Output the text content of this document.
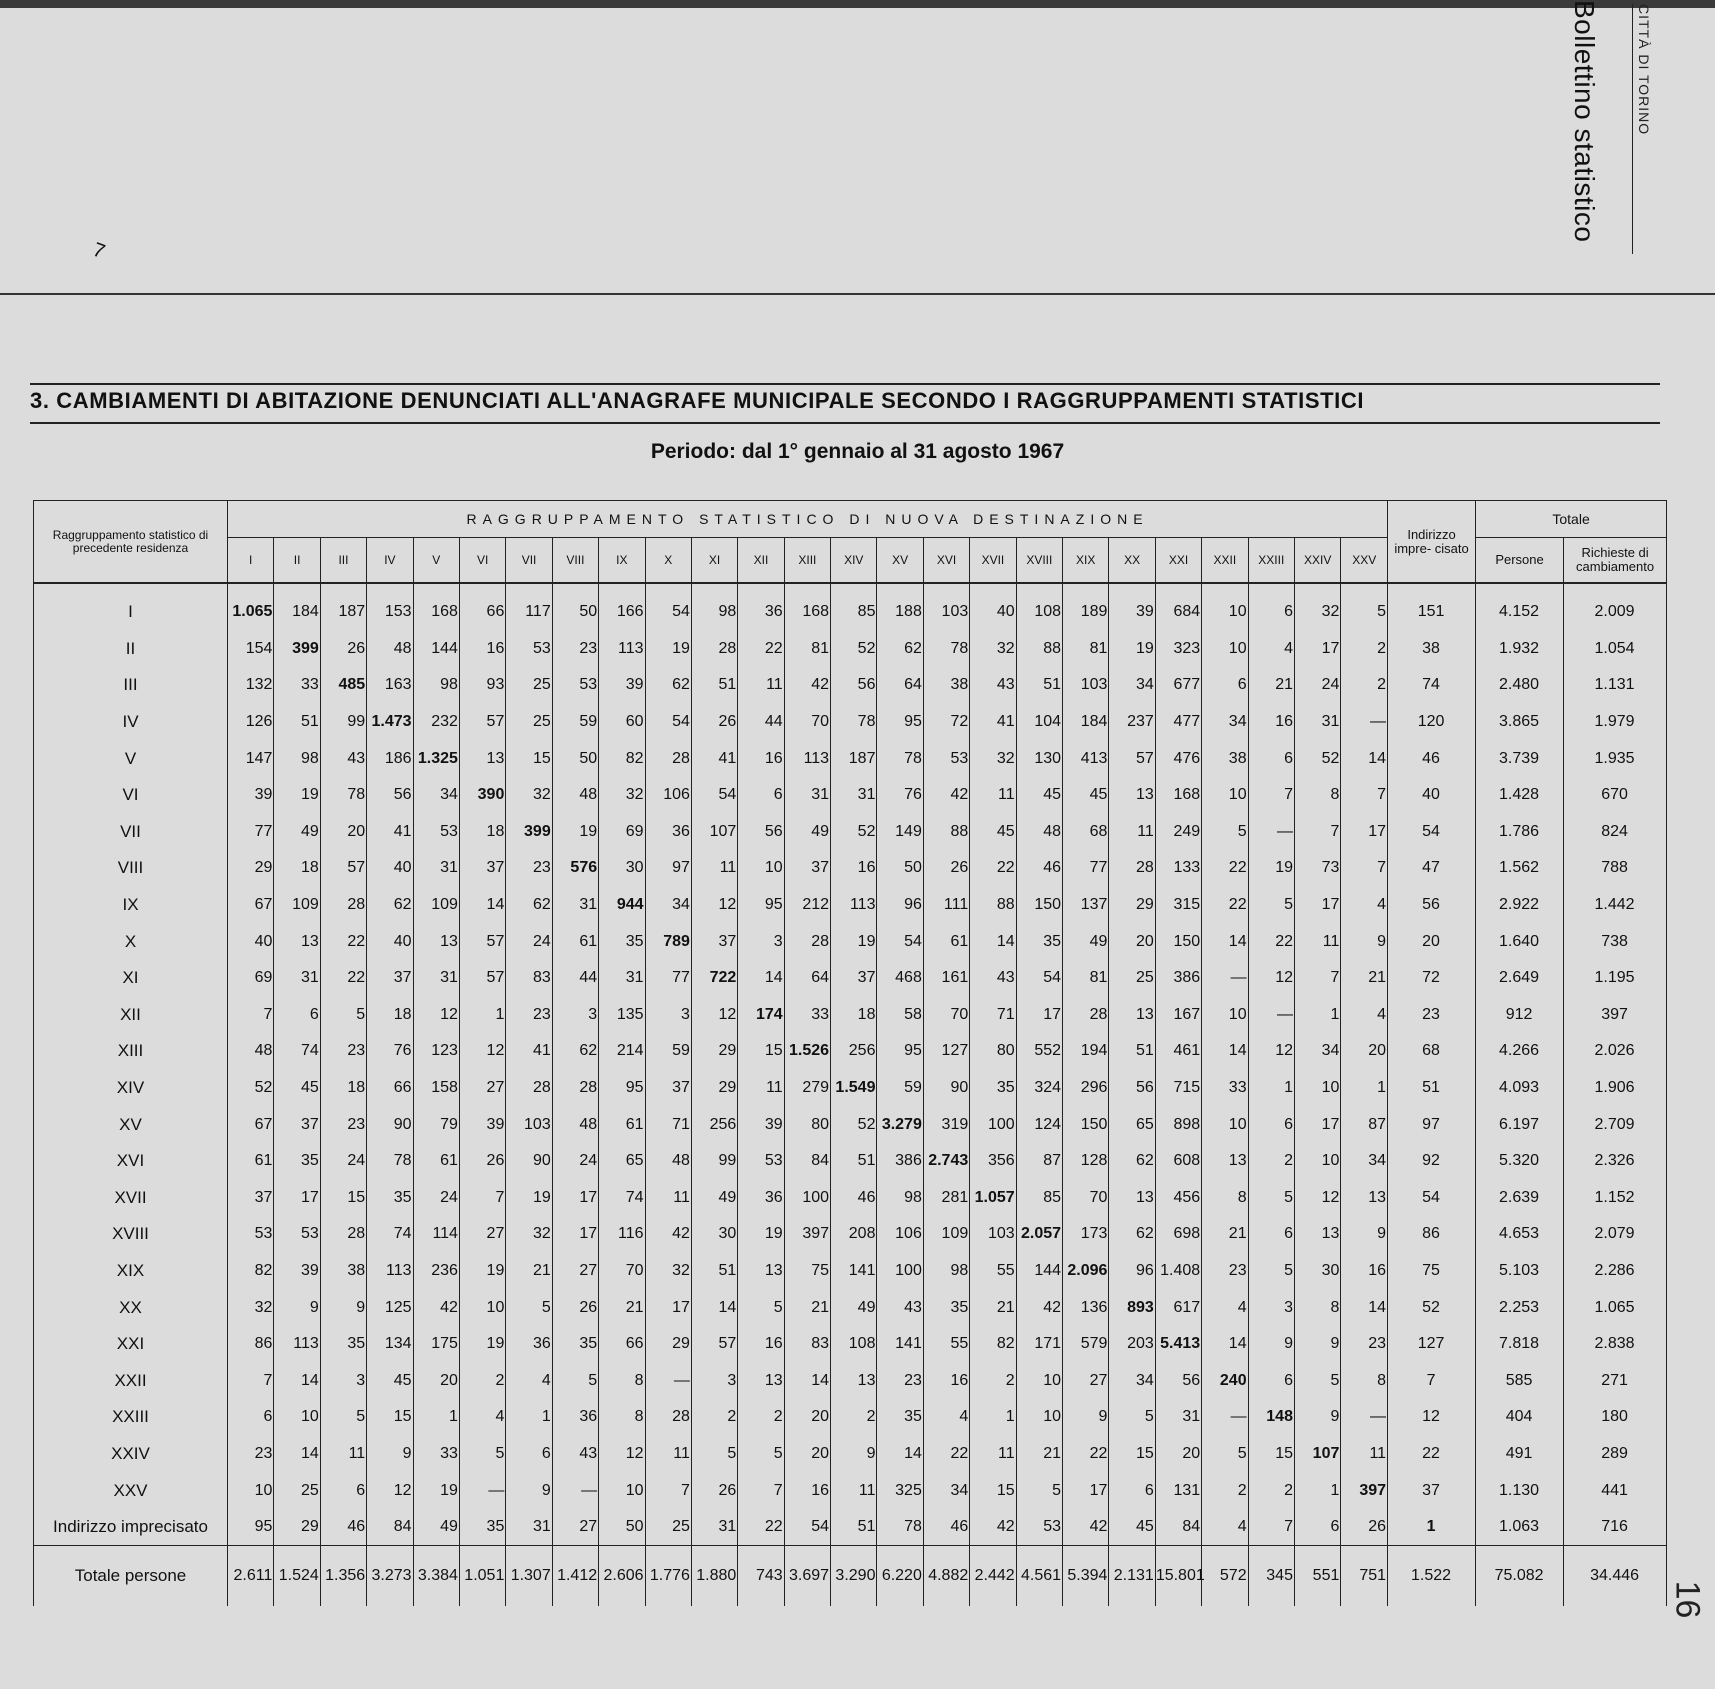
Bollettino statistico	CITTÀ DI TORINO
7
3. CAMBIAMENTI DI ABITAZIONE DENUNCIATI ALL'ANAGRAFE MUNICIPALE SECONDO I RAGGRUPPAMENTI STATISTICI
Periodo: dal 1° gennaio al 31 agosto 1967
Raggruppamento statistico di precedente residenza	RAGGRUPPAMENTO STATISTICO DI NUOVA DESTINAZIONE																									Indirizzo impre- cisato	Totale	
	I	II	III	IV	V	VI	VII	VIII	IX	X	XI	XII	XIII	XIV	XV	XVI	XVII	XVIII	XIX	XX	XXI	XXII	XXIII	XXIV	XXV		Persone	Richieste di cambiamento
I	1.065	184	187	153	168	66	117	50	166	54	98	36	168	85	188	103	40	108	189	39	684	10	6	32	5	151	4.152	2.009
II	154	399	26	48	144	16	53	23	113	19	28	22	81	52	62	78	32	88	81	19	323	10	4	17	2	38	1.932	1.054
III	132	33	485	163	98	93	25	53	39	62	51	11	42	56	64	38	43	51	103	34	677	6	21	24	2	74	2.480	1.131
IV	126	51	99	1.473	232	57	25	59	60	54	26	44	70	78	95	72	41	104	184	237	477	34	16	31	—	120	3.865	1.979
V	147	98	43	186	1.325	13	15	50	82	28	41	16	113	187	78	53	32	130	413	57	476	38	6	52	14	46	3.739	1.935
VI	39	19	78	56	34	390	32	48	32	106	54	6	31	31	76	42	11	45	45	13	168	10	7	8	7	40	1.428	670
VII	77	49	20	41	53	18	399	19	69	36	107	56	49	52	149	88	45	48	68	11	249	5	—	7	17	54	1.786	824
VIII	29	18	57	40	31	37	23	576	30	97	11	10	37	16	50	26	22	46	77	28	133	22	19	73	7	47	1.562	788
IX	67	109	28	62	109	14	62	31	944	34	12	95	212	113	96	111	88	150	137	29	315	22	5	17	4	56	2.922	1.442
X	40	13	22	40	13	57	24	61	35	789	37	3	28	19	54	61	14	35	49	20	150	14	22	11	9	20	1.640	738
XI	69	31	22	37	31	57	83	44	31	77	722	14	64	37	468	161	43	54	81	25	386	—	12	7	21	72	2.649	1.195
XII	7	6	5	18	12	1	23	3	135	3	12	174	33	18	58	70	71	17	28	13	167	10	—	1	4	23	912	397
XIII	48	74	23	76	123	12	41	62	214	59	29	15	1.526	256	95	127	80	552	194	51	461	14	12	34	20	68	4.266	2.026
XIV	52	45	18	66	158	27	28	28	95	37	29	11	279	1.549	59	90	35	324	296	56	715	33	1	10	1	51	4.093	1.906
XV	67	37	23	90	79	39	103	48	61	71	256	39	80	52	3.279	319	100	124	150	65	898	10	6	17	87	97	6.197	2.709
XVI	61	35	24	78	61	26	90	24	65	48	99	53	84	51	386	2.743	356	87	128	62	608	13	2	10	34	92	5.320	2.326
XVII	37	17	15	35	24	7	19	17	74	11	49	36	100	46	98	281	1.057	85	70	13	456	8	5	12	13	54	2.639	1.152
XVIII	53	53	28	74	114	27	32	17	116	42	30	19	397	208	106	109	103	2.057	173	62	698	21	6	13	9	86	4.653	2.079
XIX	82	39	38	113	236	19	21	27	70	32	51	13	75	141	100	98	55	144	2.096	96	1.408	23	5	30	16	75	5.103	2.286
XX	32	9	9	125	42	10	5	26	21	17	14	5	21	49	43	35	21	42	136	893	617	4	3	8	14	52	2.253	1.065
XXI	86	113	35	134	175	19	36	35	66	29	57	16	83	108	141	55	82	171	579	203	5.413	14	9	9	23	127	7.818	2.838
XXII	7	14	3	45	20	2	4	5	8	—	3	13	14	13	23	16	2	10	27	34	56	240	6	5	8	7	585	271
XXIII	6	10	5	15	1	4	1	36	8	28	2	2	20	2	35	4	1	10	9	5	31	—	148	9	—	12	404	180
XXIV	23	14	11	9	33	5	6	43	12	11	5	5	20	9	14	22	11	21	22	15	20	5	15	107	11	22	491	289
XXV	10	25	6	12	19	—	9	—	10	7	26	7	16	11	325	34	15	5	17	6	131	2	2	1	397	37	1.130	441
Indirizzo imprecisato	95	29	46	84	49	35	31	27	50	25	31	22	54	51	78	46	42	53	42	45	84	4	7	6	26	1	1.063	716
Totale persone	2.611	1.524	1.356	3.273	3.384	1.051	1.307	1.412	2.606	1.776	1.880	743	3.697	3.290	6.220	4.882	2.442	4.561	5.394	2.131	15.801	572	345	551	751	1.522	75.082	34.446
16
